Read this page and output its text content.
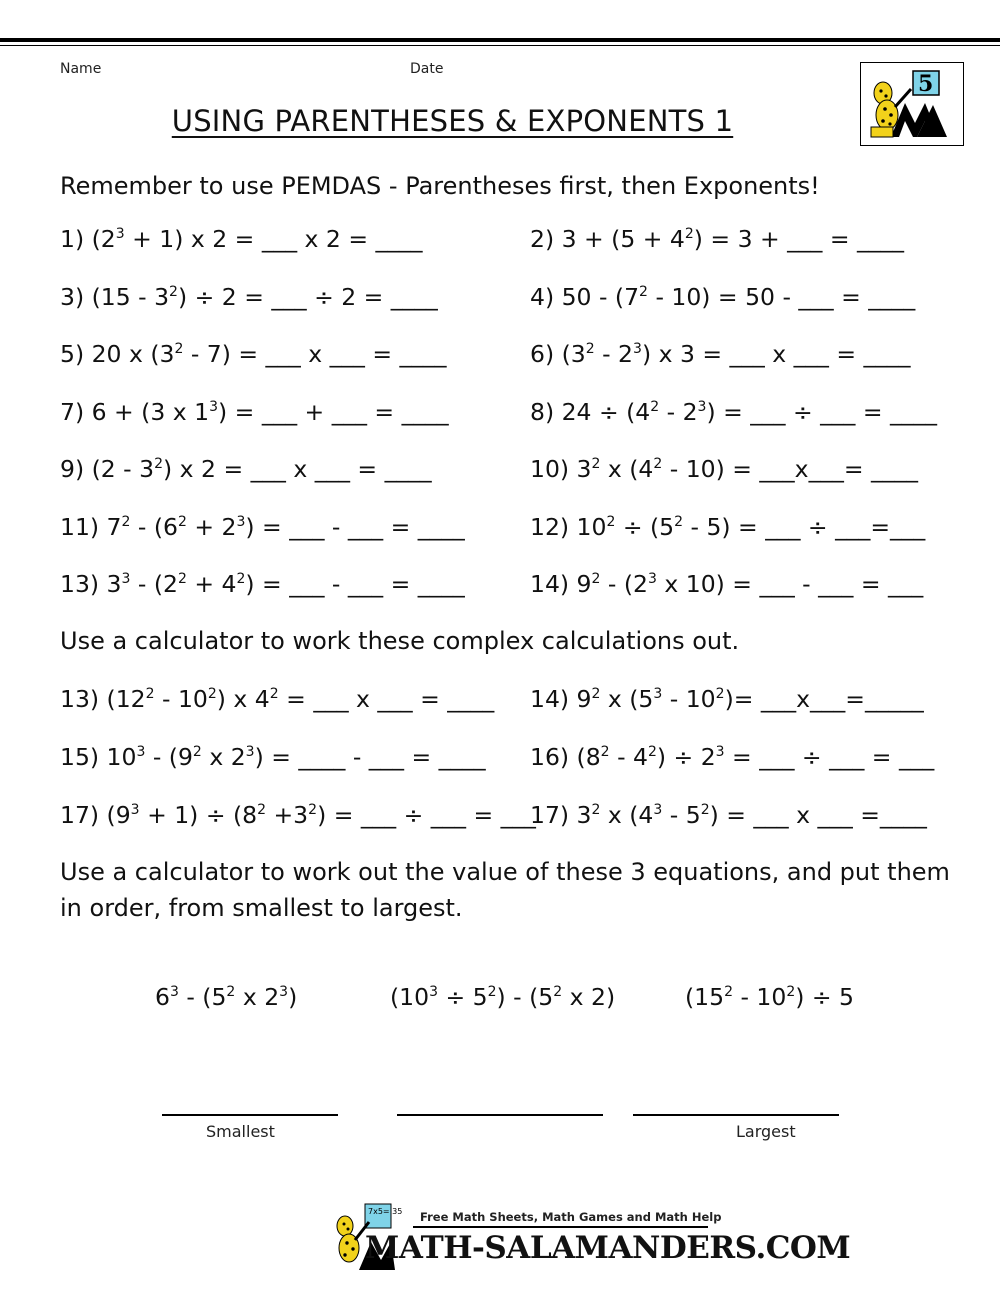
Name	Date
5
USING PARENTHESES & EXPONENTS 1
Remember to use PEMDAS - Parentheses first, then Exponents!
1) $(2^3 + 1)$ x 2 = ___ x 2 = ____	2) $3 + (5 + 4^2) = 3$ + ___ = ____
3) $(15 - 3^2) \div 2$ = ___ ÷ 2 = ____	4) $50 - (7^2 - 10) = 50$ - ___ = ____
5) 20 x $(3^2 - 7)$ = ___ x ___ = ____	6) $(3^2 - 2^3)$ x 3 = ___ x ___ = ____
7) 6 + (3 x $1^3$) = ___ + ___ = ____	8) $24 \div (4^2 - 2^3)$ = ___ ÷ ___ = ____
9) $(2 - 3^2)$ x 2 = ___ x ___ = ____	10) $3^2$ x $(4^2 - 10)$ = ___x___= ____
11) $7^2 - (6^2 + 2^3)$ = ___ - ___ = ____	12) $10^2 \div (5^2 - 5)$ = ___ ÷ ___=___
13) $3^3 - (2^2 + 4^2)$ = ___ - ___ = ____	14) $9^2 - (2^3$ x 10) = ___ - ___ = ___
Use a calculator to work these complex calculations out.
13) $(12^2 - 10^2)$ x $4^2$ = ___ x ___ = ____ 14) $9^2$ x $(5^3 - 10^2)=$ ___x___=_____
15) $10^3 - (9^2$ x $2^3$) = ____ - ___ = ____ 16) $(8^2 - 4^2) \div 2^3$ = ___ ÷ ___ = ___
17) $(9^3 + 1) \div (8^2 +3^2)$ = ___ ÷ ___ = ___
17) $3^2$ x $(4^3 - 5^2)$ = ___ x ___ =____
Use a calculator to work out the value of these 3 equations, and put them
in order, from smallest to largest.
$6^3 - (5^2$ x $2^3$)	$(10^3 \div 5^2) - (5^2$ x 2)	$(15^2 - 10^2) \div 5$
Smallest	Largest
7x5= 35 Free Math Sheets, Math Games and Math Help
MATH-SALAMANDERS.COM
